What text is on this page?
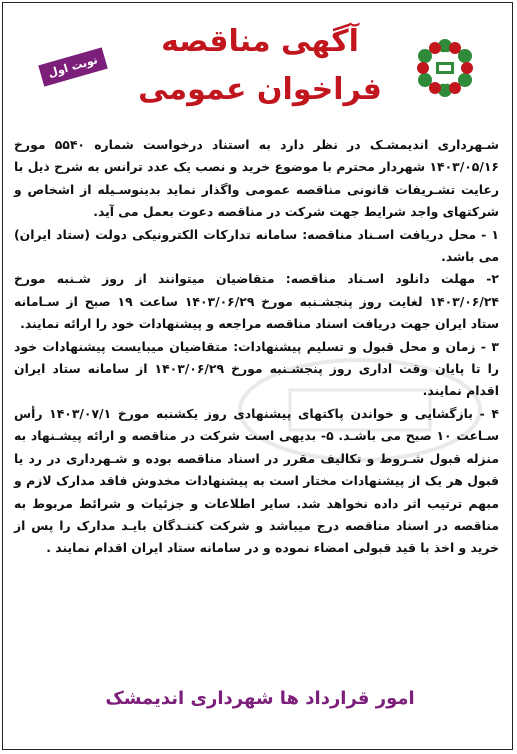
آگهی مناقصه
فراخوان عمومی
نوبت اول

شـهرداری اندیمشـک در نظر دارد به استناد درخواست شماره ۵۵۴۰ مورخ ۱۴۰۳/۰۵/۱۶ شهردار محترم با موضوع خرید و نصب یک عدد ترانس به شرح ذیل با رعایت تشـریفات قانونی مناقصه عمومی واگذار نماید بدینوسـیله از اشخاص و شرکتهای واجد شرایط جهت شرکت در مناقصه دعوت بعمل می آید.

۱ - محل دریافت اسـناد مناقصه: سامانه تدارکات الکترونیکی دولت (ستاد ایران) می باشد.

۲- مهلت دانلود اسـناد مناقصه: متقاضیان میتوانند از روز شـنبه مورخ ۱۴۰۳/۰۶/۲۴ لغایت روز پنجشـنبه مورخ ۱۴۰۳/۰۶/۲۹ ساعت ۱۹ صبح از سـامانه ستاد ایران جهت دریافت اسناد مناقصه مراجعه و پیشنهادات خود را ارائه نمایند.

۳ - زمان و محل قبول و تسلیم پیشنهادات: متقاضیان میبایست پیشنهادات خود را تا پایان وقت اداری روز پنجشـنبه مورخ ۱۴۰۳/۰۶/۲۹ از سامانه ستاد ایران اقدام نمایند.

۴ - بازگشایی و خواندن پاکتهای پیشنهادی روز یکشنبه مورخ ۱۴۰۳/۰۷/۱ رأس سـاعت ۱۰ صبح می باشـد. ۵- بدیهی است شرکت در مناقصه و ارائه پیشـنهاد به منزله قبول شـروط و تکالیف مقرر در اسناد مناقصه بوده و شـهرداری در رد یا قبول هر یک از پیشنهادات مختار است به پیشنهادات مخدوش فاقد مدارک لازم و مبهم ترتیب اثر داده نخواهد شد. سایر اطلاعات و جزئیات و شرائط مربوط به مناقصه در اسناد مناقصه درج میباشد و شرکت کننـدگان بایـد مدارک را پس از خرید و اخذ با قید قبولی امضاء نموده و در سامانه ستاد ایران اقدام نمایند .

امور قرارداد ها شهرداری اندیمشک
